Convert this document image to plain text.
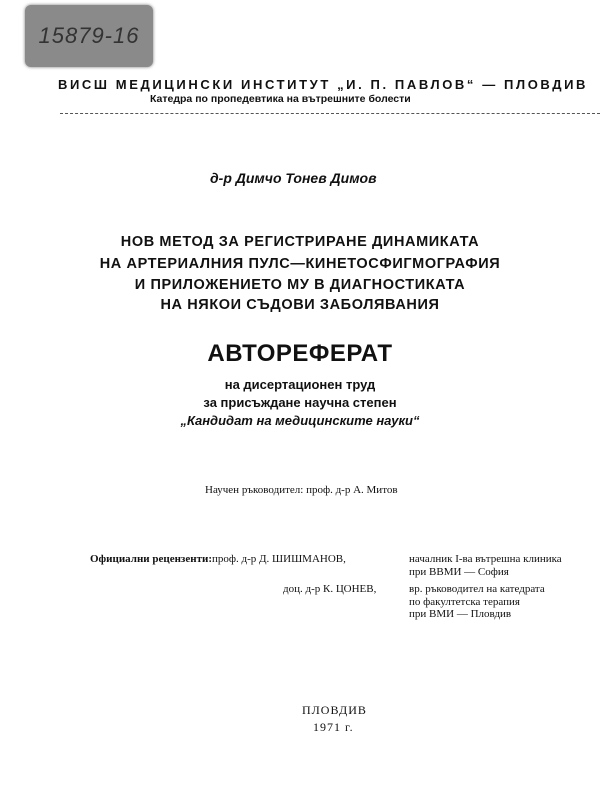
15879-16
ВИСШ МЕДИЦИНСКИ ИНСТИТУТ „И. П. ПАВЛОВ“ — ПЛОВДИВ
Катедра по пропедевтика на вътрешните болести
д-р Димчо Тонев Димов
НОВ МЕТОД ЗА РЕГИСТРИРАНЕ ДИНАМИКАТА
НА АРТЕРИАЛНИЯ ПУЛС—КИНЕТОСФИГМОГРАФИЯ
И ПРИЛОЖЕНИЕТО МУ В ДИАГНОСТИКАТА
НА НЯКОИ СЪДОВИ ЗАБОЛЯВАНИЯ
АВТОРЕФЕРАТ
на дисертационен труд
за присъждане научна степен
„Кандидат на медицинските науки“
Научен ръководител: проф. д-р А. Митов
Официални рецензенти: проф. д-р Д. ШИШМАНОВ,	началник I-ва вътрешна клиника
при ВВМИ — София
доц. д-р К. ЦОНЕВ,	вр. ръководител на катедрата
по факултетска терапия
при ВМИ — Пловдив
ПЛОВДИВ
1971 г.
